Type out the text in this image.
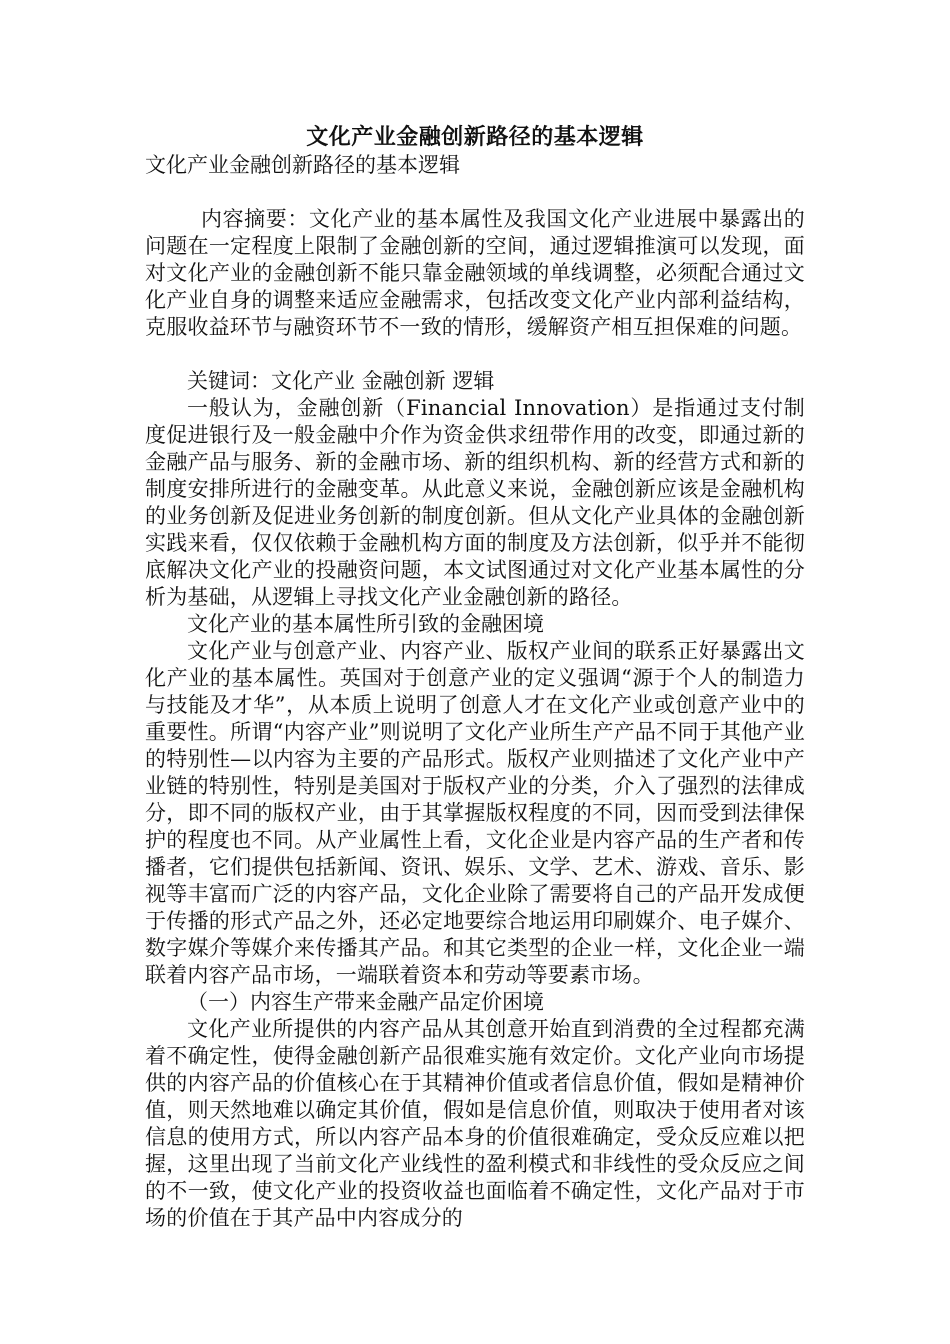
文化产业金融创新路径的基本逻辑

文化产业金融创新路径的基本逻辑

内容摘要：文化产业的基本属性及我国文化产业进展中暴露出的问题在一定程度上限制了金融创新的空间，通过逻辑推演可以发现，面对文化产业的金融创新不能只靠金融领域的单线调整，必须配合通过文化产业自身的调整来适应金融需求，包括改变文化产业内部利益结构，克服收益环节与融资环节不一致的情形，缓解资产相互担保难的问题。

关键词：文化产业 金融创新 逻辑

一般认为，金融创新（Financial Innovation）是指通过支付制度促进银行及一般金融中介作为资金供求纽带作用的改变，即通过新的金融产品与服务、新的金融市场、新的组织机构、新的经营方式和新的制度安排所进行的金融变革。从此意义来说，金融创新应该是金融机构的业务创新及促进业务创新的制度创新。但从文化产业具体的金融创新实践来看，仅仅依赖于金融机构方面的制度及方法创新，似乎并不能彻底解决文化产业的投融资问题，本文试图通过对文化产业基本属性的分析为基础，从逻辑上寻找文化产业金融创新的路径。

文化产业的基本属性所引致的金融困境

文化产业与创意产业、内容产业、版权产业间的联系正好暴露出文化产业的基本属性。英国对于创意产业的定义强调“源于个人的制造力与技能及才华”，从本质上说明了创意人才在文化产业或创意产业中的重要性。所谓“内容产业”则说明了文化产业所生产产品不同于其他产业的特别性—以内容为主要的产品形式。版权产业则描述了文化产业中产业链的特别性，特别是美国对于版权产业的分类，介入了强烈的法律成分，即不同的版权产业，由于其掌握版权程度的不同，因而受到法律保护的程度也不同。从产业属性上看，文化企业是内容产品的生产者和传播者，它们提供包括新闻、资讯、娱乐、文学、艺术、游戏、音乐、影视等丰富而广泛的内容产品，文化企业除了需要将自己的产品开发成便于传播的形式产品之外，还必定地要综合地运用印刷媒介、电子媒介、数字媒介等媒介来传播其产品。和其它类型的企业一样，文化企业一端联着内容产品市场，一端联着资本和劳动等要素市场。

（一）内容生产带来金融产品定价困境

文化产业所提供的内容产品从其创意开始直到消费的全过程都充满着不确定性，使得金融创新产品很难实施有效定价。文化产业向市场提供的内容产品的价值核心在于其精神价值或者信息价值，假如是精神价值，则天然地难以确定其价值，假如是信息价值，则取决于使用者对该信息的使用方式，所以内容产品本身的价值很难确定，受众反应难以把握，这里出现了当前文化产业线性的盈利模式和非线性的受众反应之间的不一致，使文化产业的投资收益也面临着不确定性，文化产品对于市场的价值在于其产品中内容成分的
